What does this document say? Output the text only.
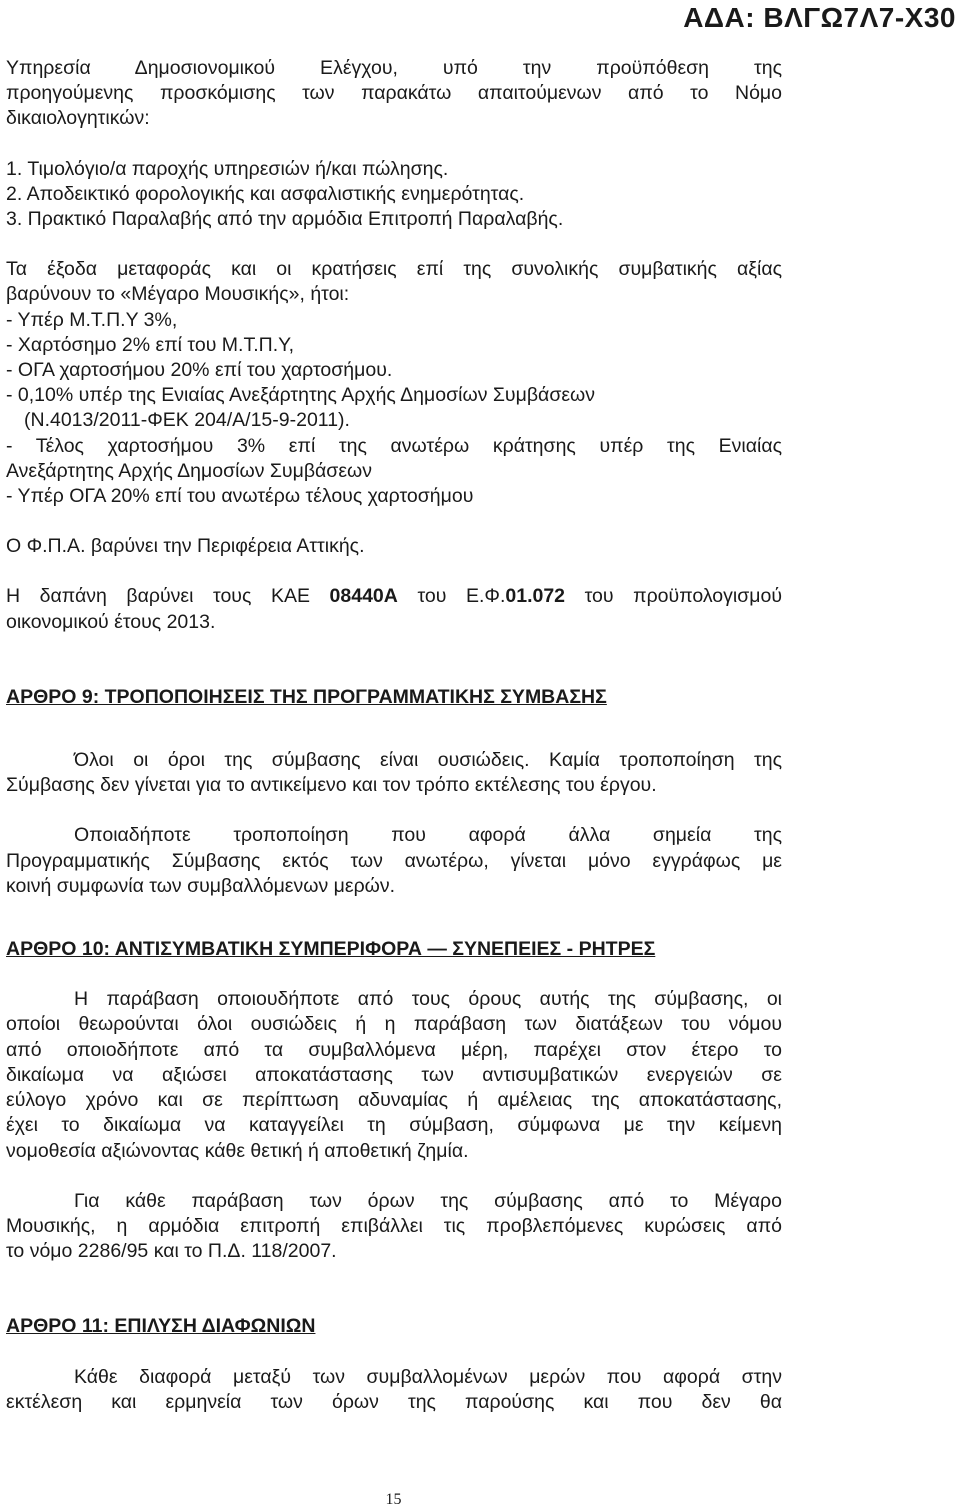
ΑΔΑ: ΒΛΓΩ7Λ7-Χ30

Υπηρεσία Δημοσιονομικού Ελέγχου, υπό την προϋπόθεση της

προηγούμενης προσκόμισης των παρακάτω απαιτούμενων από το Νόμο

δικαιολογητικών:

1. Τιμολόγιο/α παροχής υπηρεσιών ή/και πώλησης.

2. Αποδεικτικό φορολογικής και ασφαλιστικής ενημερότητας.

3. Πρακτικό Παραλαβής από την αρμόδια Επιτροπή Παραλαβής.

Τα έξοδα μεταφοράς και οι κρατήσεις επί της συνολικής συμβατικής αξίας

βαρύνουν το «Μέγαρο Μουσικής», ήτοι:

- Υπέρ Μ.Τ.Π.Υ 3%,

- Χαρτόσημο 2% επί του Μ.Τ.Π.Υ,

- ΟΓΑ χαρτοσήμου 20% επί του χαρτοσήμου.

- 0,10% υπέρ της Ενιαίας Ανεξάρτητης Αρχής Δημοσίων Συμβάσεων

(Ν.4013/2011-ΦΕΚ 204/Α/15-9-2011).

- Τέλος χαρτοσήμου 3% επί της ανωτέρω κράτησης υπέρ της Ενιαίας

Ανεξάρτητης Αρχής Δημοσίων Συμβάσεων

- Υπέρ ΟΓΑ 20% επί του ανωτέρω τέλους χαρτοσήμου

Ο Φ.Π.Α. βαρύνει την Περιφέρεια Αττικής.

Η δαπάνη βαρύνει τους ΚΑΕ 08440Α του Ε.Φ.01.072 του προϋπολογισμού

οικονομικού έτους 2013.

ΑΡΘΡΟ 9: ΤΡΟΠΟΠΟΙΗΣΕΙΣ ΤΗΣ ΠΡΟΓΡΑΜΜΑΤΙΚΗΣ ΣΥΜΒΑΣΗΣ

Όλοι οι όροι της σύμβασης είναι ουσιώδεις. Καμία τροποποίηση της

Σύμβασης δεν γίνεται για το αντικείμενο και τον τρόπο εκτέλεσης του έργου.

Οποιαδήποτε τροποποίηση που αφορά άλλα σημεία της

Προγραμματικής Σύμβασης εκτός των ανωτέρω, γίνεται μόνο εγγράφως με

κοινή συμφωνία των συμβαλλόμενων μερών.

ΑΡΘΡΟ 10: ΑΝΤΙΣΥΜΒΑΤΙΚΗ ΣΥΜΠΕΡΙΦΟΡΑ — ΣΥΝΕΠΕΙΕΣ - ΡΗΤΡΕΣ

Η παράβαση οποιουδήποτε από τους όρους αυτής της σύμβασης, οι

οποίοι θεωρούνται όλοι ουσιώδεις ή η παράβαση των διατάξεων του νόμου

από οποιοδήποτε από τα συμβαλλόμενα μέρη, παρέχει στον έτερο το

δικαίωμα να αξιώσει αποκατάστασης των αντισυμβατικών ενεργειών σε

εύλογο χρόνο και σε περίπτωση αδυναμίας ή αμέλειας της αποκατάστασης,

έχει το δικαίωμα να καταγγείλει τη σύμβαση, σύμφωνα με την κείμενη

νομοθεσία αξιώνοντας κάθε θετική ή αποθετική ζημία.

Για κάθε παράβαση των όρων της σύμβασης από το Μέγαρο

Μουσικής, η αρμόδια επιτροπή επιβάλλει τις προβλεπόμενες κυρώσεις από

το νόμο 2286/95 και το Π.Δ. 118/2007.

ΑΡΘΡΟ 11: ΕΠΙΛΥΣΗ ΔΙΑΦΩΝΙΩΝ

Κάθε διαφορά μεταξύ των συμβαλλομένων μερών που αφορά στην

εκτέλεση και ερμηνεία των όρων της παρούσης και που δεν θα

15
